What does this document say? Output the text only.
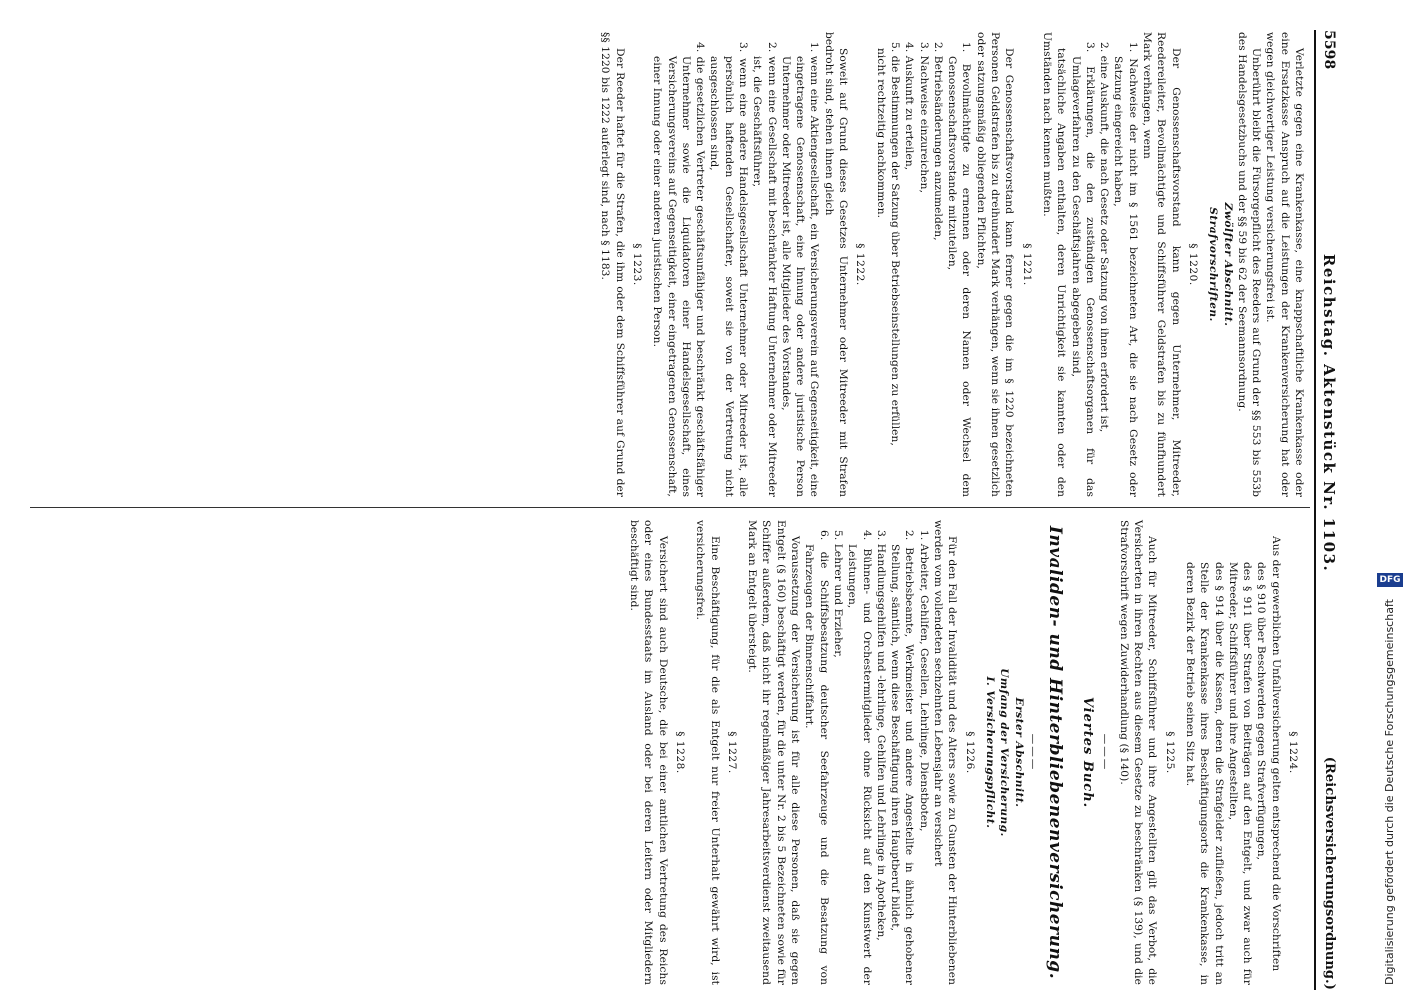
5598
Reichstag. Aktenstück Nr. 1103.
(Reichsversicherungsordnung.)

Verletzte gegen eine Krankenkasse, eine knappschaftliche Krankenkasse oder eine Ersatzkasse Anspruch auf die Leistungen der Krankenversicherung hat oder wegen gleichwertiger Leistung versicherungsfrei ist.

Unberührt bleibt die Fürsorgepflicht des Reeders auf Grund der §§ 553 bis 553b des Handelsgesetzbuchs und der §§ 59 bis 62 der Seemannsordnung.

Zwölfter Abschnitt.

Strafvorschriften.

§ 1220.

Der Genossenschaftsvorstand kann gegen Unternehmer, Mitreeder, Reedereileiter, Bevollmächtigte und Schiffsführer Geldstrafen bis zu fünfhundert Mark verhängen, wenn

1. Nachweise der nicht im § 1561 bezeichneten Art, die sie nach Gesetz oder Satzung eingereicht haben,

2. eine Auskunft, die nach Gesetz oder Satzung von ihnen erfordert ist,

3. Erklärungen, die den zuständigen Genossenschaftsorganen für das Umlageverfahren zu den Geschäftsjahren abgegeben sind,

tatsächliche Angaben enthalten, deren Unrichtigkeit sie kannten oder den Umständen nach kennen mußten.

§ 1221.

Der Genossenschaftsvorstand kann ferner gegen die im § 1220 bezeichneten Personen Geldstrafen bis zu dreihundert Mark verhängen, wenn sie ihnen gesetzlich oder satzungsmäßig obliegenden Pflichten,

1. Bevollmächtigte zu ernennen oder deren Namen oder Wechsel dem Genossenschaftsvorstande mitzuteilen,

2. Betriebsänderungen anzumelden,

3. Nachweise einzureichen,

4. Auskunft zu erteilen,

5. die Bestimmungen der Satzung über Betriebseinstellungen zu erfüllen,

nicht rechtzeitig nachkommen.

§ 1222.

Soweit auf Grund dieses Gesetzes Unternehmer oder Mitreeder mit Strafen bedroht sind, stehen ihnen gleich

1. wenn eine Aktiengesellschaft, ein Versicherungsverein auf Gegenseitigkeit, eine eingetragene Genossenschaft, eine Innung oder andere juristische Person Unternehmer oder Mitreeder ist, alle Mitglieder des Vorstandes,

2. wenn eine Gesellschaft mit beschränkter Haftung Unternehmer oder Mitreeder ist, die Geschäftsführer,

3. wenn eine andere Handelsgesellschaft Unternehmer oder Mitreeder ist, alle persönlich haftenden Gesellschafter, soweit sie von der Vertretung nicht ausgeschlossen sind,

4. die gesetzlichen Vertreter geschäftsunfähiger und beschränkt geschäftsfähiger Unternehmer sowie die Liquidatoren einer Handelsgesellschaft, eines Versicherungsvereins auf Gegenseitigkeit, einer eingetragenen Genossenschaft, einer Innung oder einer anderen juristischen Person.

§ 1223.

Der Reeder haftet für die Strafen, die ihm oder dem Schiffsführer auf Grund der §§ 1220 bis 1222 auferlegt sind, nach § 1183.

§ 1224.

Aus der gewerblichen Unfallversicherung gelten entsprechend die Vorschriften

des § 910 über Beschwerden gegen Strafverfügungen,

des § 911 über Strafen von Beiträgen auf den Entgelt, und zwar auch für Mitreeder, Schiffsführer und ihre Angestellten,

des § 914 über die Kassen, denen die Strafgelder zufließen, jedoch tritt an Stelle der Krankenkasse ihres Beschäftigungsorts die Krankenkasse, in deren Bezirk der Betrieb seinen Sitz hat.

§ 1225.

Auch für Mitreeder, Schiffsführer und ihre Angestellten gilt das Verbot, die Versicherten in ihren Rechten aus diesem Gesetze zu beschränken (§ 139), und die Strafvorschrift wegen Zuwiderhandlung (§ 140).

———

Viertes Buch.

Invaliden- und Hinterbliebenenversicherung.

———

Erster Abschnitt.

Umfang der Versicherung.

I. Versicherungspflicht.

§ 1226.

Für den Fall der Invalidität und des Alters sowie zu Gunsten der Hinterbliebenen werden vom vollendeten sechzehnten Lebensjahr an versichert

1. Arbeiter, Gehilfen, Gesellen, Lehrlinge, Dienstboten,

2. Betriebsbeamte, Werkmeister und andere Angestellte in ähnlich gehobener Stellung, sämtlich, wenn diese Beschäftigung ihren Hauptberuf bildet,

3. Handlungsgehilfen und -lehrlinge, Gehilfen und Lehrlinge in Apotheken,

4. Bühnen- und Orchestermitglieder ohne Rücksicht auf den Kunstwert der Leistungen,

5. Lehrer und Erzieher,

6. die Schiffsbesatzung deutscher Seefahrzeuge und die Besatzung von Fahrzeugen der Binnenschiffahrt.

Voraussetzung der Versicherung ist für alle diese Personen, daß sie gegen Entgelt (§ 160) beschäftigt werden, für die unter Nr. 2 bis 5 Bezeichneten sowie für Schiffer außerdem, daß nicht ihr regelmäßiger Jahresarbeitsverdienst zweitausend Mark an Entgelt übersteigt.

§ 1227.

Eine Beschäftigung, für die als Entgelt nur freier Unterhalt gewährt wird, ist versicherungsfrei.

§ 1228.

Versichert sind auch Deutsche, die bei einer amtlichen Vertretung des Reichs oder eines Bundesstaats im Ausland oder bei deren Leitern oder Mitgliedern beschäftigt sind.

Digitalisierung gefördert durch die Deutsche Forschungsgemeinschaft
DFG
